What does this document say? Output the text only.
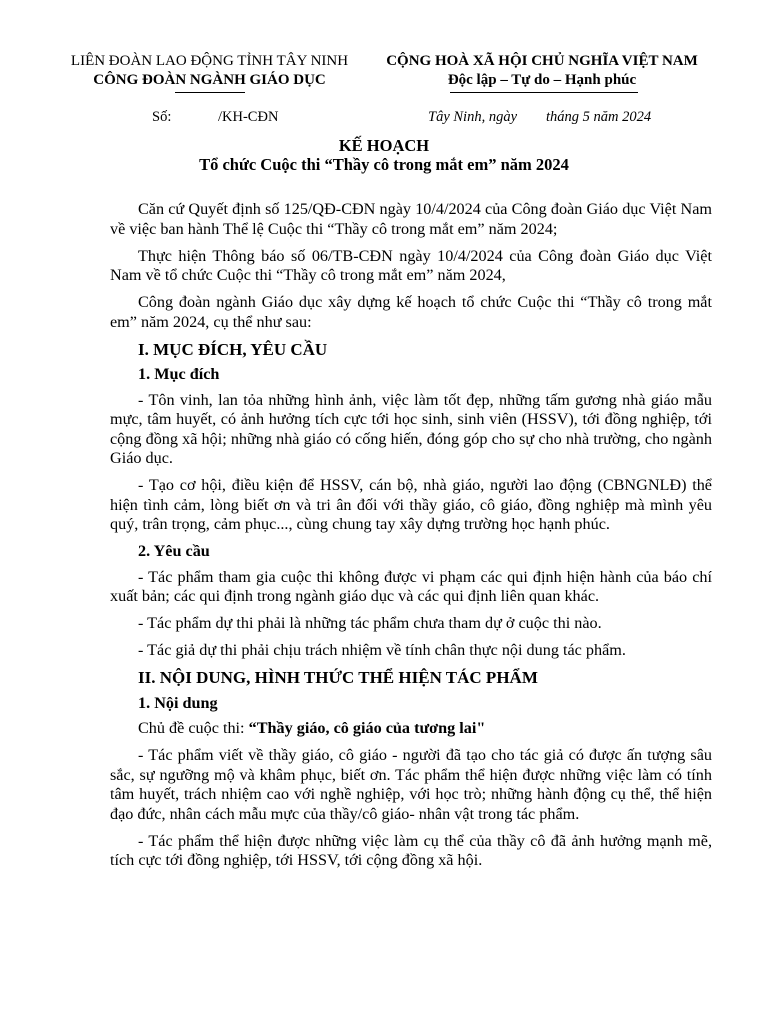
LIÊN ĐOÀN LAO ĐỘNG TỈNH TÂY NINH
CÔNG ĐOÀN NGÀNH GIÁO DỤC
CỘNG HOÀ XÃ HỘI CHỦ NGHĨA VIỆT NAM
Độc lập – Tự do – Hạnh phúc
Số:	/KH-CĐN	Tây Ninh, ngày        tháng 5 năm 2024
KẾ HOẠCH
Tổ chức Cuộc thi “Thầy cô trong mắt em” năm 2024

Căn cứ Quyết định số 125/QĐ-CĐN ngày 10/4/2024 của Công đoàn Giáo dục Việt Nam về việc ban hành Thể lệ Cuộc thi “Thầy cô trong mắt em” năm 2024;

Thực hiện Thông báo số 06/TB-CĐN ngày 10/4/2024 của Công đoàn Giáo dục Việt Nam về tổ chức Cuộc thi “Thầy cô trong mắt em” năm 2024,

Công đoàn ngành Giáo dục xây dựng kế hoạch tổ chức Cuộc thi “Thầy cô trong mắt em” năm 2024, cụ thể như sau:

I. MỤC ĐÍCH, YÊU CẦU

1. Mục đích

- Tôn vinh, lan tỏa những hình ảnh, việc làm tốt đẹp, những tấm gương nhà giáo mẫu mực, tâm huyết, có ảnh hưởng tích cực tới học sinh, sinh viên (HSSV), tới đồng nghiệp, tới cộng đồng xã hội; những nhà giáo có cống hiến, đóng góp cho sự cho nhà trường, cho ngành Giáo dục.

- Tạo cơ hội, điều kiện để HSSV, cán bộ, nhà giáo, người lao động (CBNGNLĐ) thể hiện tình cảm, lòng biết ơn và tri ân đối với thầy giáo, cô giáo, đồng nghiệp mà mình yêu quý, trân trọng, cảm phục..., cùng chung tay xây dựng trường học hạnh phúc.

2. Yêu cầu

- Tác phẩm tham gia cuộc thi không được vi phạm các qui định hiện hành của báo chí xuất bản; các qui định trong ngành giáo dục và các qui định liên quan khác.

- Tác phẩm dự thi phải là những tác phẩm chưa tham dự ở cuộc thi nào.

- Tác giả dự thi phải chịu trách nhiệm về tính chân thực nội dung tác phẩm.

II. NỘI DUNG, HÌNH THỨC THỂ HIỆN TÁC PHẨM

1. Nội dung

Chủ đề cuộc thi: “Thầy giáo, cô giáo của tương lai"

- Tác phẩm viết về thầy giáo, cô giáo - người đã tạo cho tác giả có được ấn tượng sâu sắc, sự ngưỡng mộ và khâm phục, biết ơn. Tác phẩm thể hiện được những việc làm có tính tâm huyết, trách nhiệm cao với nghề nghiệp, với học trò; những hành động cụ thể, thể hiện đạo đức, nhân cách mẫu mực của thầy/cô giáo- nhân vật trong tác phẩm.

- Tác phẩm thể hiện được những việc làm cụ thể của thầy cô đã ảnh hưởng mạnh mẽ, tích cực tới đồng nghiệp, tới HSSV, tới cộng đồng xã hội.
